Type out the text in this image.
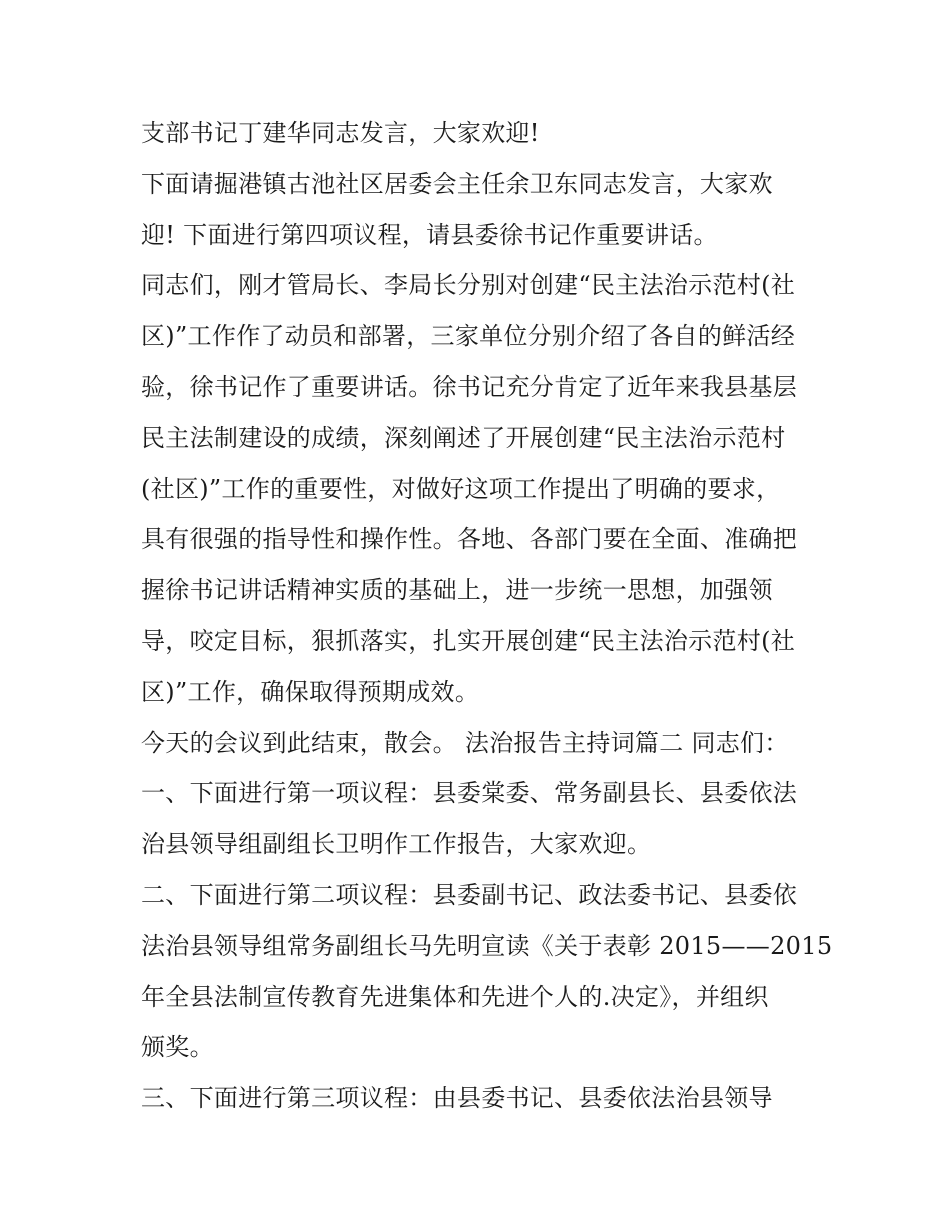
支部书记丁建华同志发言，大家欢迎!
下面请掘港镇古池社区居委会主任余卫东同志发言，大家欢
迎! 下面进行第四项议程，请县委徐书记作重要讲话。
同志们，刚才管局长、李局长分别对创建“民主法治示范村(社
区)”工作作了动员和部署，三家单位分别介绍了各自的鲜活经
验，徐书记作了重要讲话。徐书记充分肯定了近年来我县基层
民主法制建设的成绩，深刻阐述了开展创建“民主法治示范村
(社区)”工作的重要性，对做好这项工作提出了明确的要求，
具有很强的指导性和操作性。各地、各部门要在全面、准确把
握徐书记讲话精神实质的基础上，进一步统一思想，加强领
导，咬定目标，狠抓落实，扎实开展创建“民主法治示范村(社
区)”工作，确保取得预期成效。
今天的会议到此结束，散会。 法治报告主持词篇二 同志们：
一、下面进行第一项议程：县委棠委、常务副县长、县委依法
治县领导组副组长卫明作工作报告，大家欢迎。
二、下面进行第二项议程：县委副书记、政法委书记、县委依
法治县领导组常务副组长马先明宣读《关于表彰 2015——2015
年全县法制宣传教育先进集体和先进个人的.决定》，并组织
颁奖。
三、下面进行第三项议程：由县委书记、县委依法治县领导
